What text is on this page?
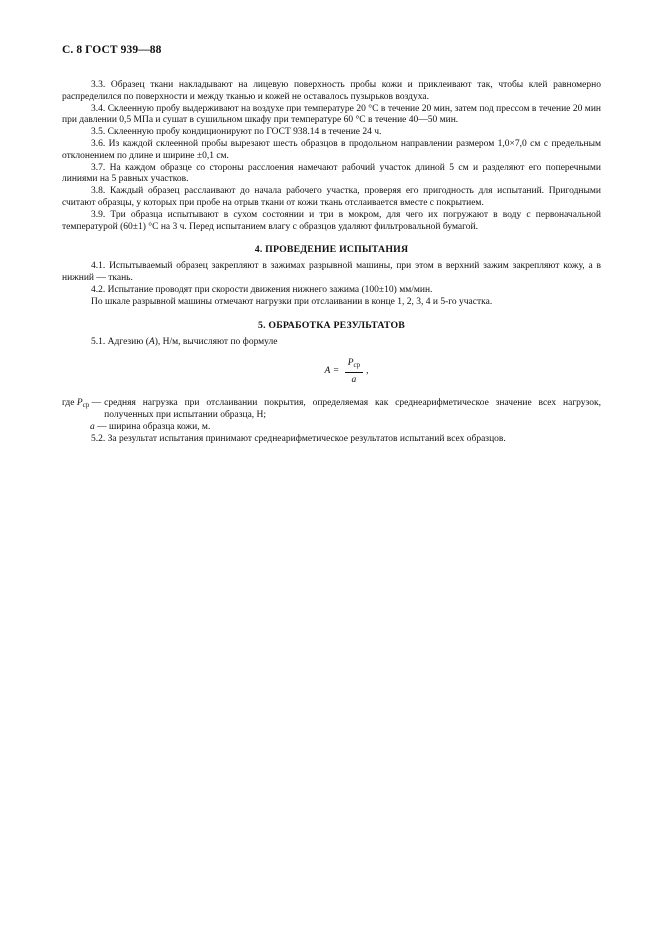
С. 8 ГОСТ 939—88

3.3. Образец ткани накладывают на лицевую поверхность пробы кожи и приклеивают так, чтобы клей равномерно распределился по поверхности и между тканью и кожей не оставалось пузырьков воздуха.

3.4. Склеенную пробу выдерживают на воздухе при температуре 20 °С в течение 20 мин, затем под прессом в течение 20 мин при давлении 0,5 МПа и сушат в сушильном шкафу при температуре 60 °С в течение 40—50 мин.

3.5. Склеенную пробу кондиционируют по ГОСТ 938.14 в течение 24 ч.

3.6. Из каждой склеенной пробы вырезают шесть образцов в продольном направлении размером 1,0×7,0 см с предельным отклонением по длине и ширине ±0,1 см.

3.7. На каждом образце со стороны расслоения намечают рабочий участок длиной 5 см и разделяют его поперечными линиями на 5 равных участков.

3.8. Каждый образец расслаивают до начала рабочего участка, проверяя его пригодность для испытаний. Пригодными считают образцы, у которых при пробе на отрыв ткани от кожи ткань отслаивается вместе с покрытием.

3.9. Три образца испытывают в сухом состоянии и три в мокром, для чего их погружают в воду с первоначальной температурой (60±1) °С на 3 ч. Перед испытанием влагу с образцов удаляют фильтровальной бумагой.

4. ПРОВЕДЕНИЕ ИСПЫТАНИЯ

4.1. Испытываемый образец закрепляют в зажимах разрывной машины, при этом в верхний зажим закрепляют кожу, а в нижний — ткань.

4.2. Испытание проводят при скорости движения нижнего зажима (100±10) мм/мин.

По шкале разрывной машины отмечают нагрузки при отслаивании в конце 1, 2, 3, 4 и 5-го участка.

5. ОБРАБОТКА РЕЗУЛЬТАТОВ

5.1. Адгезию (A), Н/м, вычисляют по формуле

$A = \frac{P_{ср}}{a}$ ,
где $P_{ср}$ — средняя нагрузка при отслаивании покрытия, определяемая как среднеарифметическое значение всех нагрузок, полученных при испытании образца, Н;
a — ширина образца кожи, м.

5.2. За результат испытания принимают среднеарифметическое результатов испытаний всех образцов.
